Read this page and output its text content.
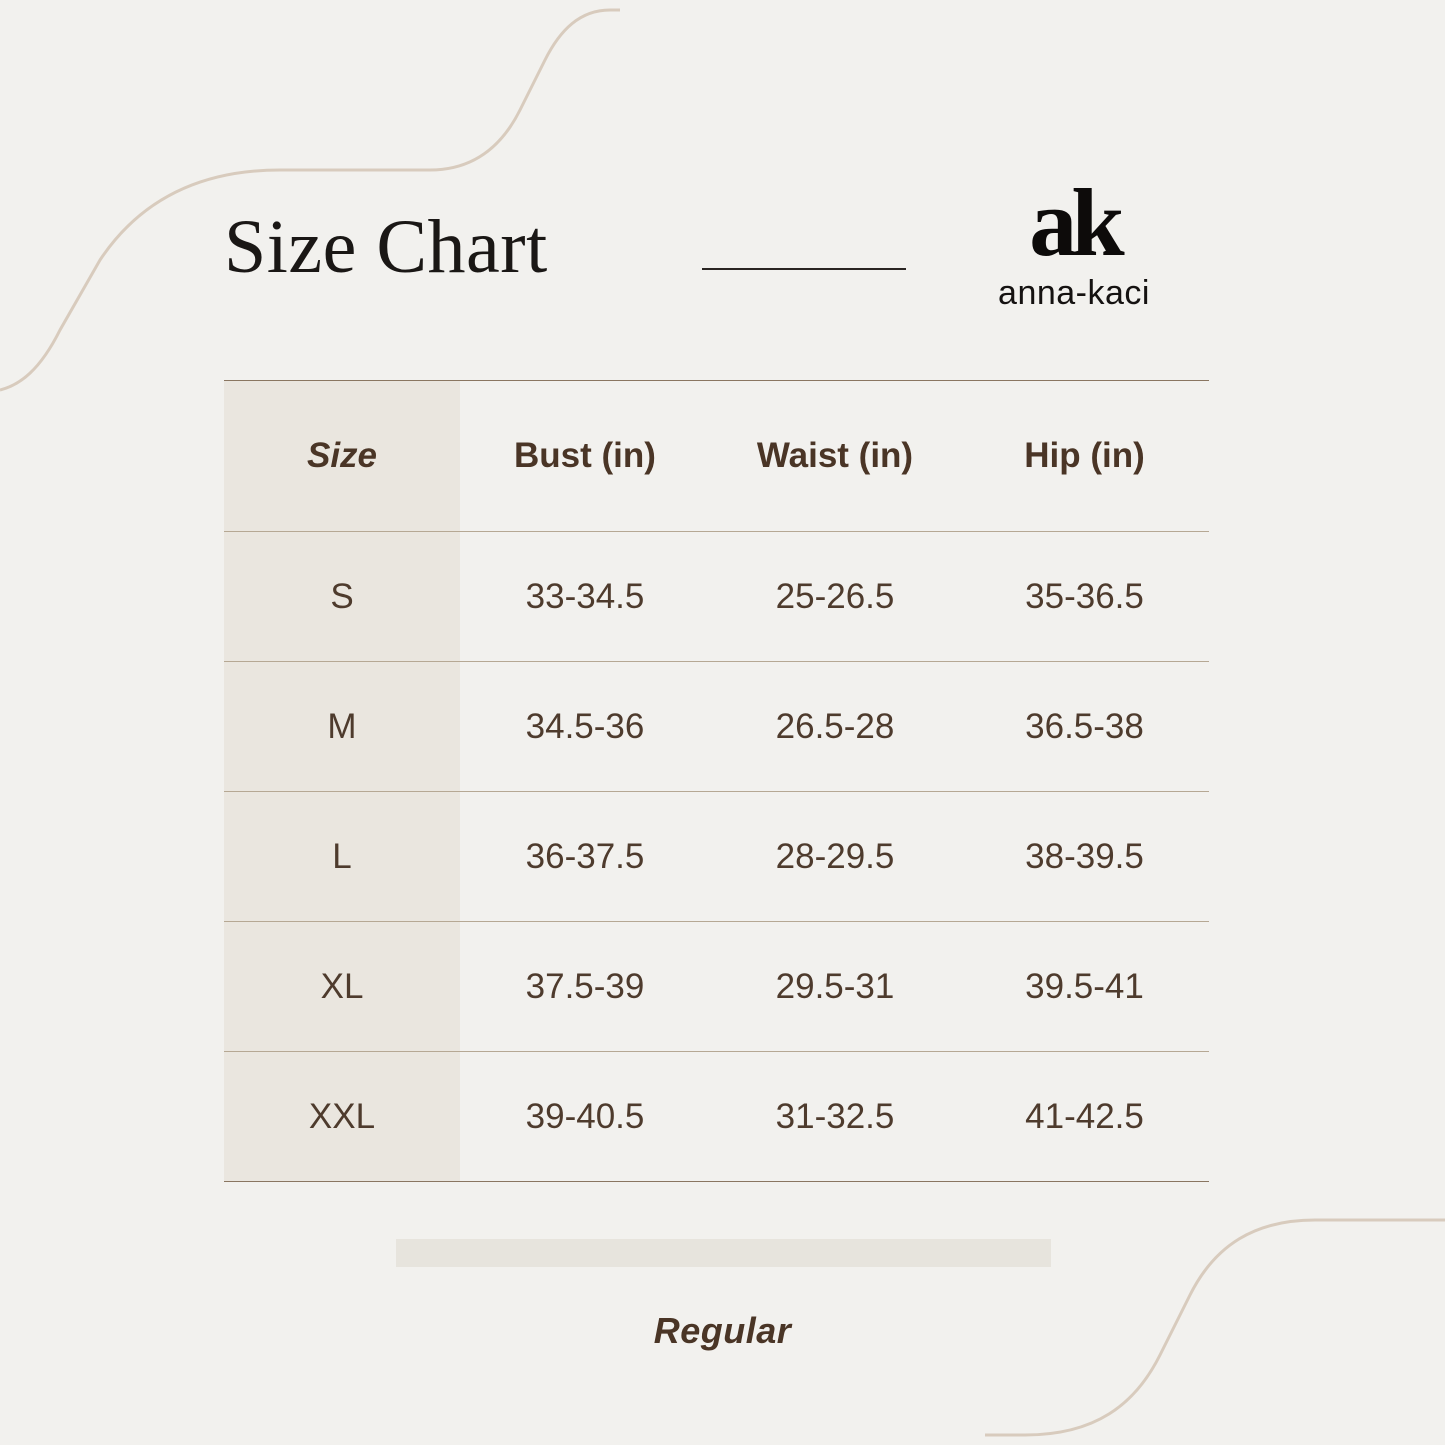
Size Chart	ak
anna-kaci
Size	Bust (in)	Waist (in)	Hip (in)
S	33-34.5	25-26.5	35-36.5
M	34.5-36	26.5-28	36.5-38
L	36-37.5	28-29.5	38-39.5
XL	37.5-39	29.5-31	39.5-41
XXL	39-40.5	31-32.5	41-42.5
Regular
